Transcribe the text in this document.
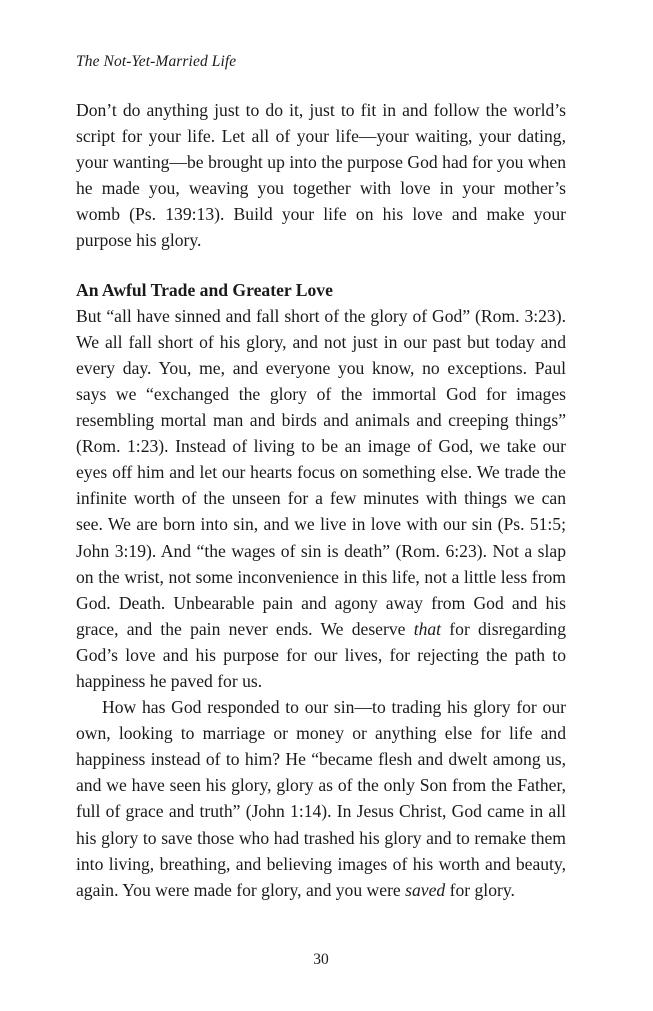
The Not-Yet-Married Life

Don’t do anything just to do it, just to fit in and follow the world’s script for your life. Let all of your life—your waiting, your dating, your wanting—be brought up into the purpose God had for you when he made you, weaving you together with love in your mother’s womb (Ps. 139:13). Build your life on his love and make your purpose his glory.

An Awful Trade and Greater Love

But “all have sinned and fall short of the glory of God” (Rom. 3:23). We all fall short of his glory, and not just in our past but today and every day. You, me, and everyone you know, no exceptions. Paul says we “exchanged the glory of the immortal God for images resembling mortal man and birds and animals and creeping things” (Rom. 1:23). Instead of living to be an image of God, we take our eyes off him and let our hearts focus on something else. We trade the infinite worth of the unseen for a few minutes with things we can see. We are born into sin, and we live in love with our sin (Ps. 51:5; John 3:19). And “the wages of sin is death” (Rom. 6:23). Not a slap on the wrist, not some inconvenience in this life, not a little less from God. Death. Unbearable pain and agony away from God and his grace, and the pain never ends. We deserve that for disregarding God’s love and his purpose for our lives, for rejecting the path to happiness he paved for us.

How has God responded to our sin—to trading his glory for our own, looking to marriage or money or anything else for life and happiness instead of to him? He “became flesh and dwelt among us, and we have seen his glory, glory as of the only Son from the Father, full of grace and truth” (John 1:14). In Jesus Christ, God came in all his glory to save those who had trashed his glory and to remake them into living, breathing, and believing images of his worth and beauty, again. You were made for glory, and you were saved for glory.

30
